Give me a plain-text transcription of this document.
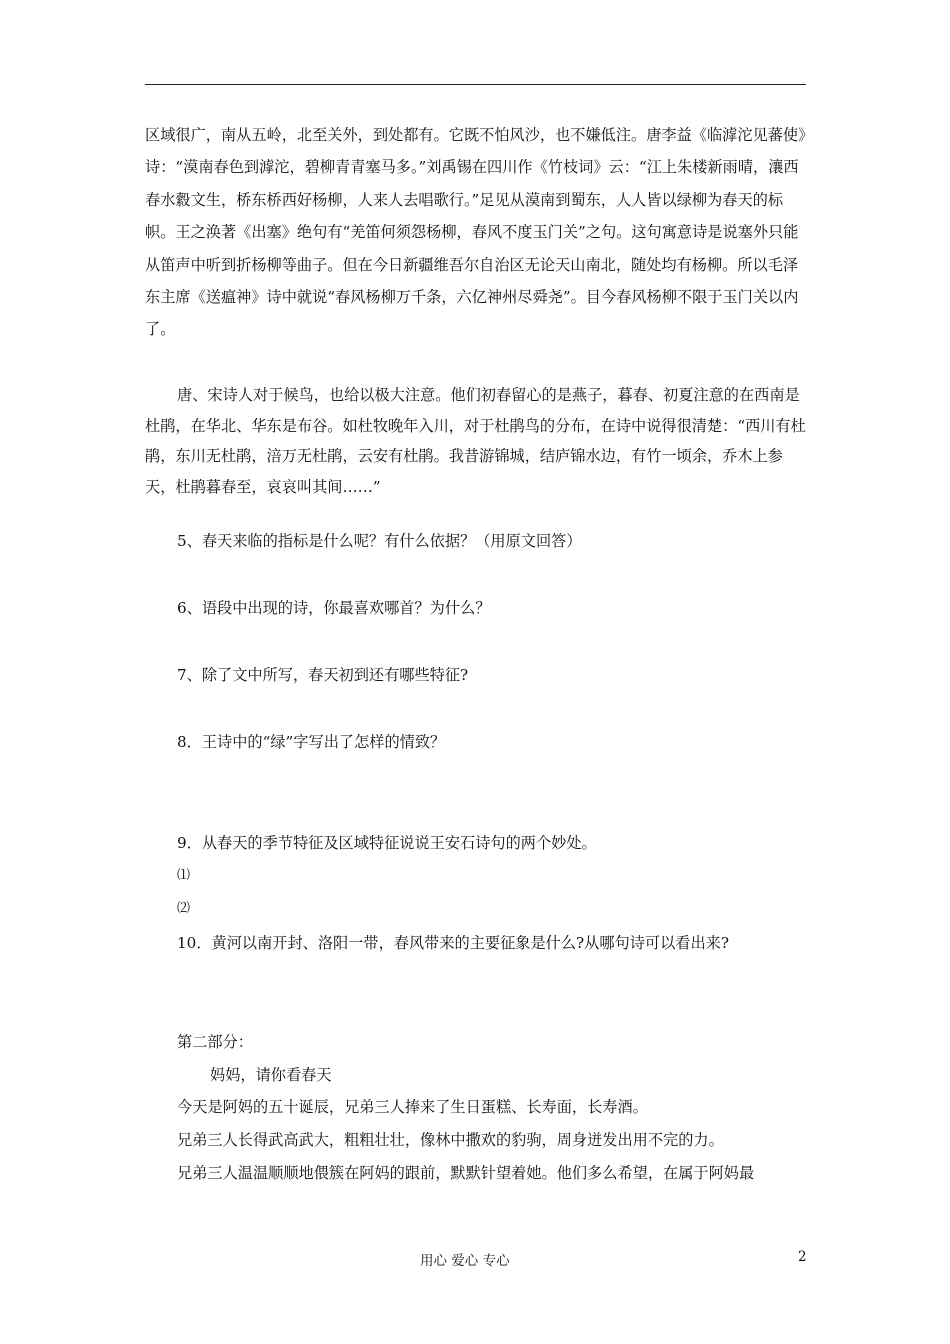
区域很广，南从五岭，北至关外，到处都有。它既不怕风沙，也不嫌低注。唐李益《临滹沱见蕃使》诗：“漠南春色到滹沱，碧柳青青塞马多。”刘禹锡在四川作《竹枝词》云：“江上朱楼新雨晴，瀼西春水縠文生，桥东桥西好杨柳，人来人去唱歌行。”足见从漠南到蜀东，人人皆以绿柳为春天的标帜。王之涣著《出塞》绝句有“羌笛何须怨杨柳，春风不度玉门关”之句。这句寓意诗是说塞外只能从笛声中听到折杨柳等曲子。但在今日新疆维吾尔自治区无论天山南北，随处均有杨柳。所以毛泽东主席《送瘟神》诗中就说“春风杨柳万千条，六亿神州尽舜尧”。目今春风杨柳不限于玉门关以内了。
唐、宋诗人对于候鸟，也给以极大注意。他们初春留心的是燕子，暮春、初夏注意的在西南是杜鹃，在华北、华东是布谷。如杜牧晚年入川，对于杜鹃鸟的分布，在诗中说得很清楚：“西川有杜鹃，东川无杜鹃，涪万无杜鹃，云安有杜鹃。我昔游锦城，结庐锦水边，有竹一顷余，乔木上参天，杜鹃暮春至，哀哀叫其间……”
5、春天来临的指标是什么呢？有什么依据？（用原文回答）
6、语段中出现的诗，你最喜欢哪首？为什么？
7、除了文中所写，春天初到还有哪些特征?
8．王诗中的“绿”字写出了怎样的情致？
9．从春天的季节特征及区域特征说说王安石诗句的两个妙处。
⑴
⑵
10．黄河以南开封、洛阳一带，春风带来的主要征象是什么?从哪句诗可以看出来?
第二部分：
妈妈，请你看春天
今天是阿妈的五十诞辰，兄弟三人捧来了生日蛋糕、长寿面，长寿酒。
兄弟三人长得武高武大，粗粗壮壮，像林中撒欢的豹驹，周身迸发出用不完的力。
兄弟三人温温顺顺地偎簇在阿妈的跟前，默默针望着她。他们多么希望，在属于阿妈最
用心 爱心 专心	2
